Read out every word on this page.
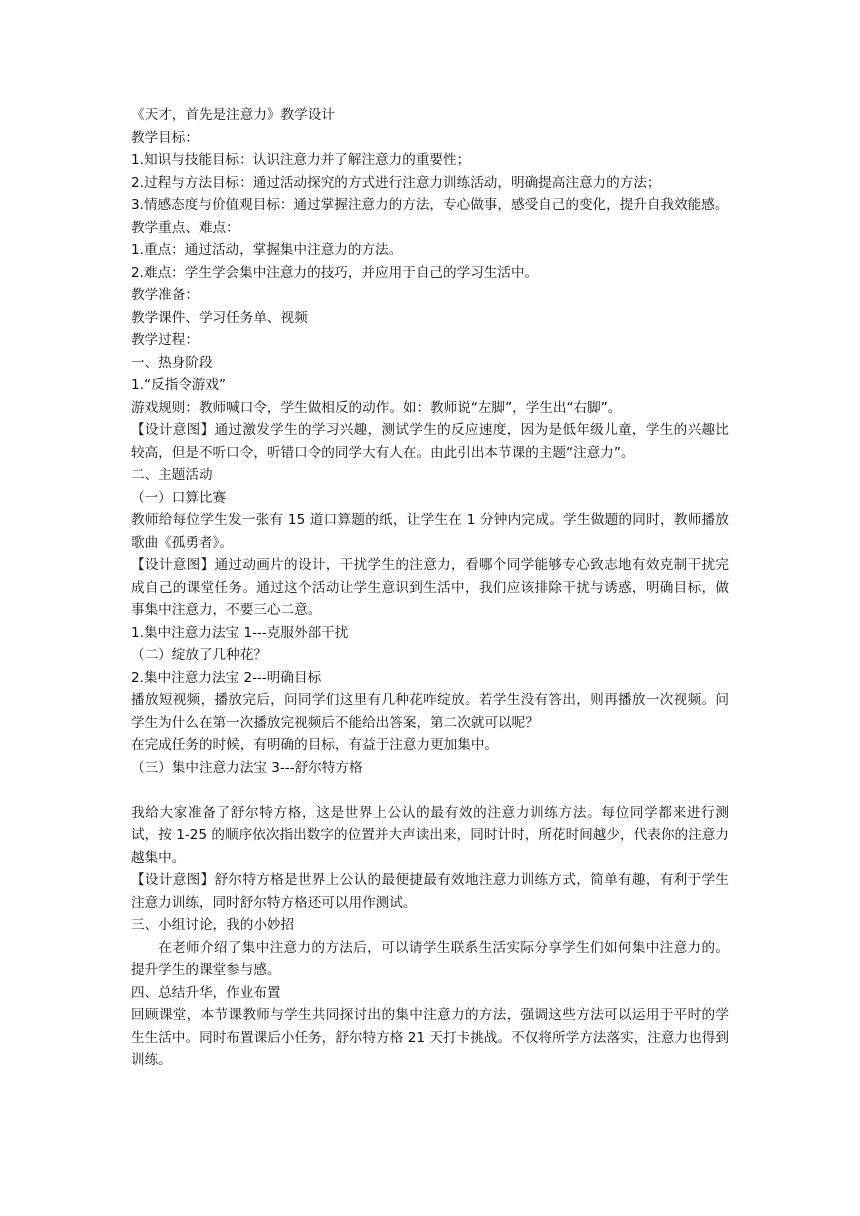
《天才，首先是注意力》教学设计

教学目标：

1.知识与技能目标：认识注意力并了解注意力的重要性；

2.过程与方法目标：通过活动探究的方式进行注意力训练活动，明确提高注意力的方法；

3.情感态度与价值观目标：通过掌握注意力的方法，专心做事，感受自己的变化，提升自我效能感。

教学重点、难点：

1.重点：通过活动，掌握集中注意力的方法。

2.难点：学生学会集中注意力的技巧，并应用于自己的学习生活中。

教学准备：

教学课件、学习任务单、视频

教学过程：

一、热身阶段

1.“反指令游戏”

游戏规则：教师喊口令，学生做相反的动作。如：教师说“左脚”，学生出“右脚”。

【设计意图】通过激发学生的学习兴趣，测试学生的反应速度，因为是低年级儿童，学生的兴趣比较高，但是不听口令，听错口令的同学大有人在。由此引出本节课的主题“注意力”。

二、主题活动

（一）口算比赛

教师给每位学生发一张有 15 道口算题的纸，让学生在 1 分钟内完成。学生做题的同时，教师播放歌曲《孤勇者》。

【设计意图】通过动画片的设计，干扰学生的注意力，看哪个同学能够专心致志地有效克制干扰完成自己的课堂任务。通过这个活动让学生意识到生活中，我们应该排除干扰与诱惑，明确目标，做事集中注意力，不要三心二意。

1.集中注意力法宝 1---克服外部干扰

（二）绽放了几种花？

2.集中注意力法宝 2---明确目标

播放短视频，播放完后，问同学们这里有几种花咋绽放。若学生没有答出，则再播放一次视频。问学生为什么在第一次播放完视频后不能给出答案，第二次就可以呢？

在完成任务的时候，有明确的目标，有益于注意力更加集中。

（三）集中注意力法宝 3---舒尔特方格

我给大家准备了舒尔特方格，这是世界上公认的最有效的注意力训练方法。每位同学都来进行测试，按 1-25 的顺序依次指出数字的位置并大声读出来，同时计时，所花时间越少，代表你的注意力越集中。

【设计意图】舒尔特方格是世界上公认的最便捷最有效地注意力训练方式，简单有趣，有利于学生注意力训练，同时舒尔特方格还可以用作测试。

三、小组讨论，我的小妙招

在老师介绍了集中注意力的方法后，可以请学生联系生活实际分享学生们如何集中注意力的。提升学生的课堂参与感。

四、总结升华，作业布置

回顾课堂，本节课教师与学生共同探讨出的集中注意力的方法，强调这些方法可以运用于平时的学生生活中。同时布置课后小任务，舒尔特方格 21 天打卡挑战。不仅将所学方法落实，注意力也得到训练。
